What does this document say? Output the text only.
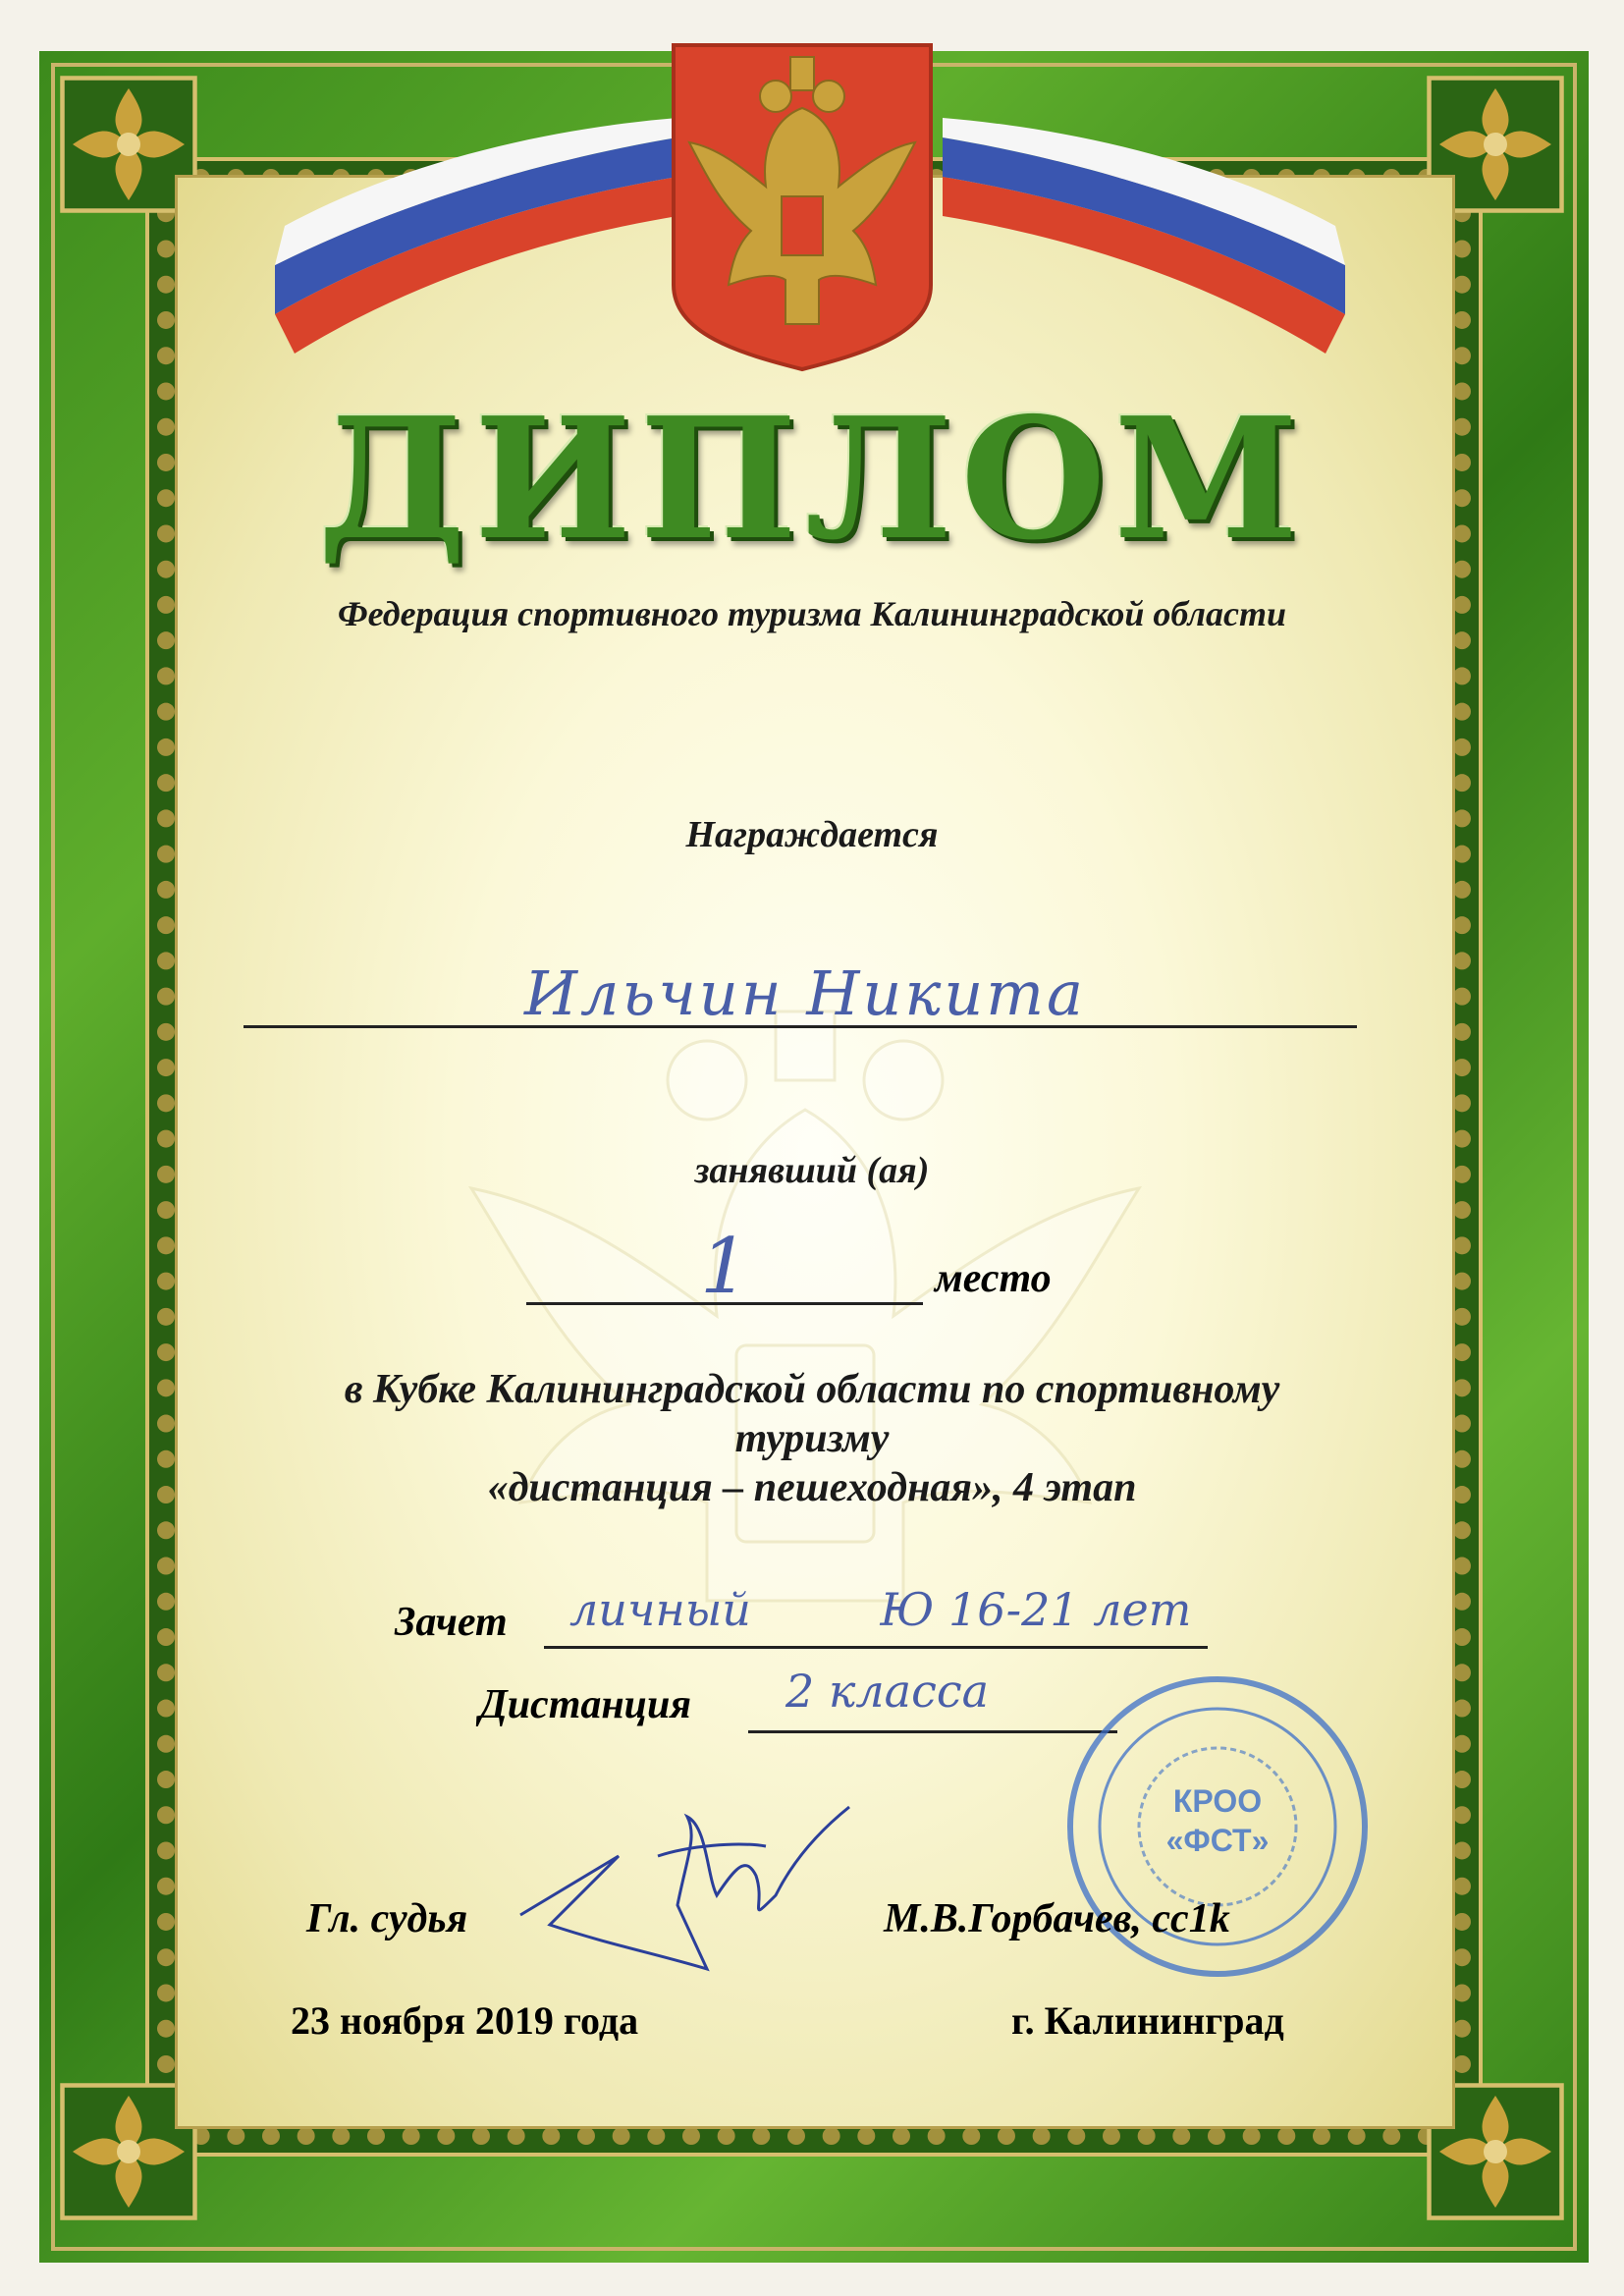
ДИПЛОМ
Федерация спортивного туризма Калининградской области
Награждается
Ильчин Никита
занявший (ая)
1	место
в Кубке Калининградской области по спортивному
туризму
«дистанция – пешеходная», 4 этап
Зачет личный         Ю 16-21 лет
Дистанция 2 класса
КРОО
«ФСТ»
Гл. судья	М.В.Горбачев, сс1k
23 ноября 2019 года	г. Калининград
